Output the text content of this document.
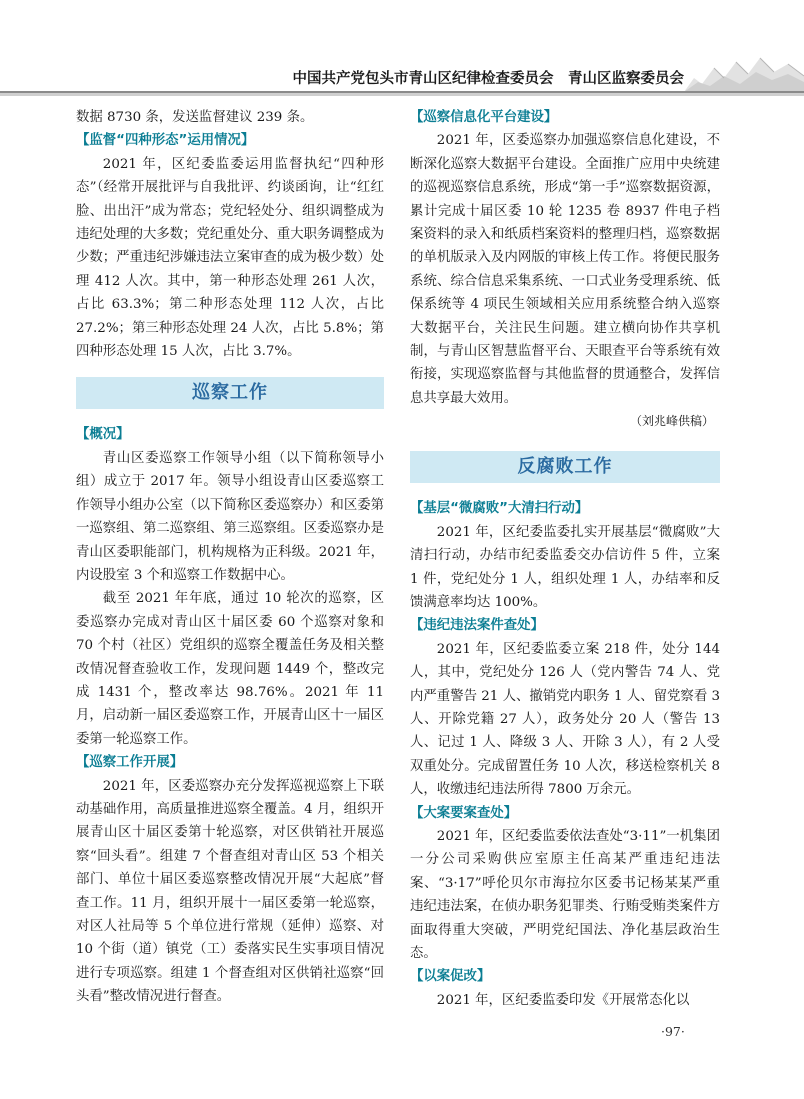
中国共产党包头市青山区纪律检查委员会　青山区监察委员会

数据 8730 条，发送监督建议 239 条。

【监督“四种形态”运用情况】

2021 年，区纪委监委运用监督执纪“四种形态”（经常开展批评与自我批评、约谈函询，让“红红脸、出出汗”成为常态；党纪轻处分、组织调整成为违纪处理的大多数；党纪重处分、重大职务调整成为少数；严重违纪涉嫌违法立案审查的成为极少数）处理 412 人次。其中，第一种形态处理 261 人次，占比 63.3%；第二种形态处理 112 人次，占比 27.2%；第三种形态处理 24 人次，占比 5.8%；第四种形态处理 15 人次，占比 3.7%。

巡察工作
【概况】

青山区委巡察工作领导小组（以下简称领导小组）成立于 2017 年。领导小组设青山区委巡察工作领导小组办公室（以下简称区委巡察办）和区委第一巡察组、第二巡察组、第三巡察组。区委巡察办是青山区委职能部门，机构规格为正科级。2021 年，内设股室 3 个和巡察工作数据中心。

截至 2021 年年底，通过 10 轮次的巡察，区委巡察办完成对青山区十届区委 60 个巡察对象和 70 个村（社区）党组织的巡察全覆盖任务及相关整改情况督查验收工作，发现问题 1449 个，整改完成 1431 个，整改率达 98.76%。2021 年 11 月，启动新一届区委巡察工作，开展青山区十一届区委第一轮巡察工作。

【巡察工作开展】

2021 年，区委巡察办充分发挥巡视巡察上下联动基础作用，高质量推进巡察全覆盖。4 月，组织开展青山区十届区委第十轮巡察，对区供销社开展巡察“回头看”。组建 7 个督查组对青山区 53 个相关部门、单位十届区委巡察整改情况开展“大起底”督查工作。11 月，组织开展十一届区委第一轮巡察，对区人社局等 5 个单位进行常规（延伸）巡察、对 10 个街（道）镇党（工）委落实民生实事项目情况进行专项巡察。组建 1 个督查组对区供销社巡察“回头看”整改情况进行督查。

【巡察信息化平台建设】

2021 年，区委巡察办加强巡察信息化建设，不断深化巡察大数据平台建设。全面推广应用中央统建的巡视巡察信息系统，形成“第一手”巡察数据资源，累计完成十届区委 10 轮 1235 卷 8937 件电子档案资料的录入和纸质档案资料的整理归档，巡察数据的单机版录入及内网版的审核上传工作。将便民服务系统、综合信息采集系统、一口式业务受理系统、低保系统等 4 项民生领域相关应用系统整合纳入巡察大数据平台，关注民生问题。建立横向协作共享机制，与青山区智慧监督平台、天眼查平台等系统有效衔接，实现巡察监督与其他监督的贯通整合，发挥信息共享最大效用。

（刘兆峰供稿）
反腐败工作
【基层“微腐败”大清扫行动】

2021 年，区纪委监委扎实开展基层“微腐败”大清扫行动，办结市纪委监委交办信访件 5 件，立案 1 件，党纪处分 1 人，组织处理 1 人，办结率和反馈满意率均达 100%。

【违纪违法案件查处】

2021 年，区纪委监委立案 218 件，处分 144 人，其中，党纪处分 126 人（党内警告 74 人、党内严重警告 21 人、撤销党内职务 1 人、留党察看 3 人、开除党籍 27 人），政务处分 20 人（警告 13 人、记过 1 人、降级 3 人、开除 3 人），有 2 人受双重处分。完成留置任务 10 人次，移送检察机关 8 人，收缴违纪违法所得 7800 万余元。

【大案要案查处】

2021 年，区纪委监委依法查处“3·11”一机集团一分公司采购供应室原主任高某严重违纪违法案、“3·17”呼伦贝尔市海拉尔区委书记杨某某严重违纪违法案，在侦办职务犯罪类、行贿受贿类案件方面取得重大突破，严明党纪国法、净化基层政治生态。

【以案促改】

2021 年，区纪委监委印发《开展常态化以

·97·
